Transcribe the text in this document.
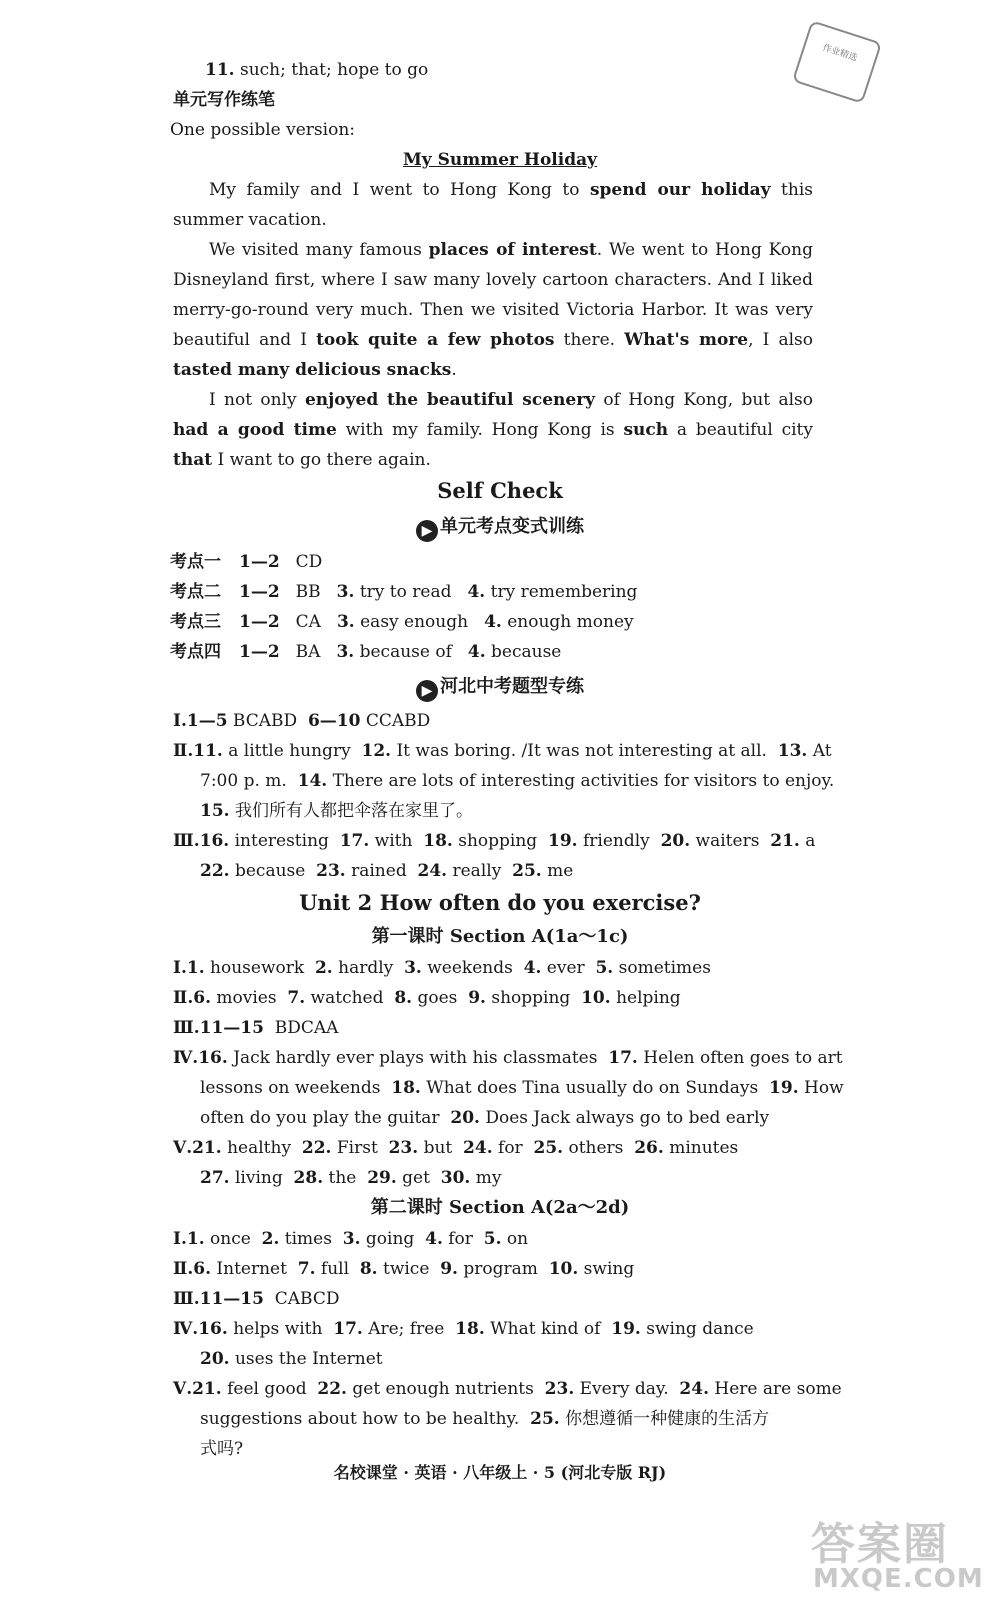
作业精选
11. such; that; hope to go
单元写作练笔
One possible version:
My Summer Holiday
My family and I went to Hong Kong to spend our holiday this summer vacation.
We visited many famous places of interest. We went to Hong Kong Disneyland first, where I saw many lovely cartoon characters. And I liked merry-go-round very much. Then we visited Victoria Harbor. It was very beautiful and I took quite a few photos there. What's more, I also tasted many delicious snacks.
I not only enjoyed the beautiful scenery of Hong Kong, but also had a good time with my family. Hong Kong is such a beautiful city that I want to go there again.
Self Check
▶ 单元考点变式训练
考点一 1—2 CD
考点二 1—2 BB 3. try to read 4. try remembering
考点三 1—2 CA 3. easy enough 4. enough money
考点四 1—2 BA 3. because of 4. because
▶ 河北中考题型专练
Ⅰ.1—5 BCABD  6—10 CCABD
Ⅱ.11. a little hungry  12. It was boring. /It was not interesting at all.  13. At
7:00 p. m.  14. There are lots of interesting activities for visitors to enjoy.
15. 我们所有人都把伞落在家里了。
Ⅲ.16. interesting  17. with  18. shopping  19. friendly  20. waiters  21. a
22. because  23. rained  24. really  25. me
Unit 2 How often do you exercise?
第一课时 Section A(1a～1c)
Ⅰ.1. housework  2. hardly  3. weekends  4. ever  5. sometimes
Ⅱ.6. movies  7. watched  8. goes  9. shopping  10. helping
Ⅲ.11—15  BDCAA
Ⅳ.16. Jack hardly ever plays with his classmates  17. Helen often goes to art
lessons on weekends  18. What does Tina usually do on Sundays  19. How
often do you play the guitar  20. Does Jack always go to bed early
Ⅴ.21. healthy  22. First  23. but  24. for  25. others  26. minutes
27. living  28. the  29. get  30. my
第二课时 Section A(2a～2d)
Ⅰ.1. once  2. times  3. going  4. for  5. on
Ⅱ.6. Internet  7. full  8. twice  9. program  10. swing
Ⅲ.11—15  CABCD
Ⅳ.16. helps with  17. Are; free  18. What kind of  19. swing dance
20. uses the Internet
Ⅴ.21. feel good  22. get enough nutrients  23. Every day.  24. Here are some
suggestions about how to be healthy.  25. 你想遵循一种健康的生活方
式吗?
名校课堂 · 英语 · 八年级上 · 5 (河北专版 RJ)
答案圈
MXQE.COM
